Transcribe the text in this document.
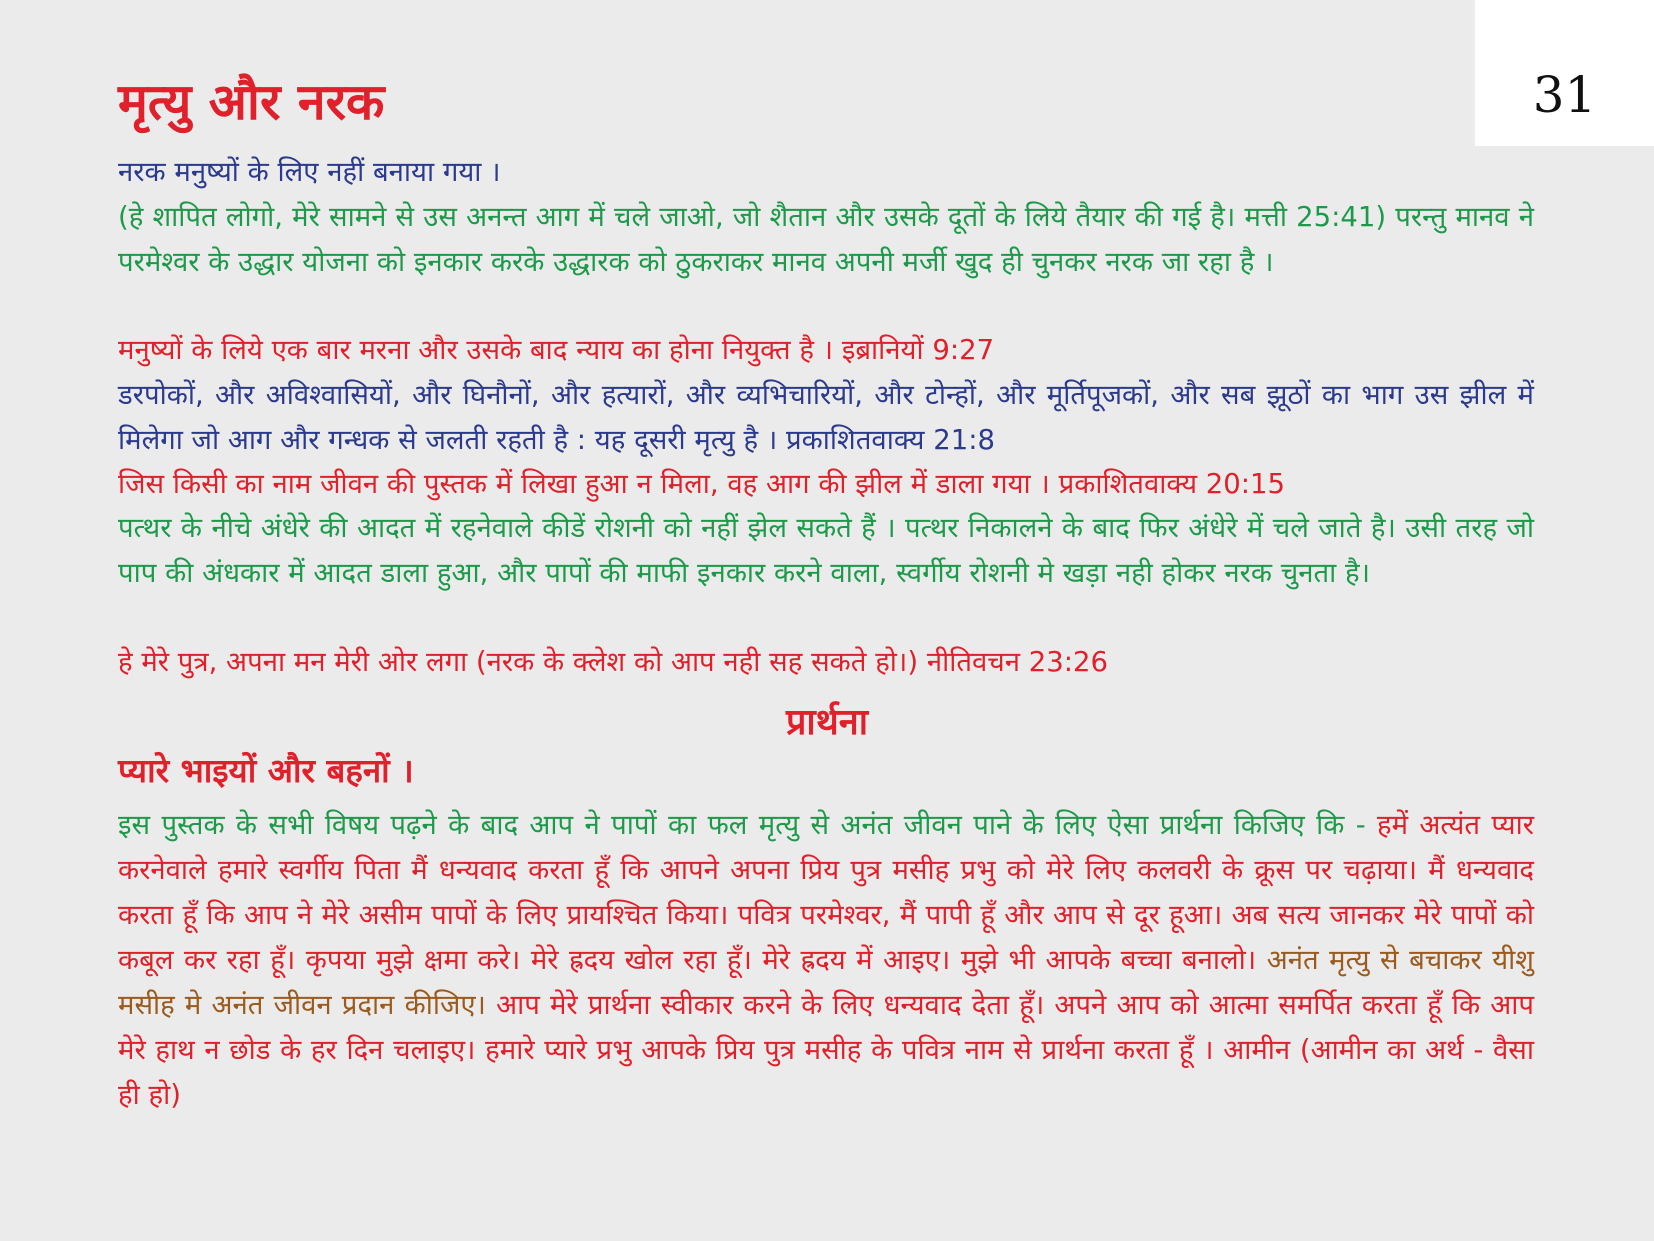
31
मृत्यु और नरक

नरक मनुष्यों के लिए नहीं बनाया गया ।

(हे शापित लोगो, मेरे सामने से उस अनन्त आग में चले जाओ, जो शैतान और उसके दूतों के लिये तैयार की गई है। मत्ती 25:41) परन्तु मानव ने परमेश्वर के उद्धार योजना को इनकार करके उद्धारक को ठुकराकर मानव अपनी मर्जी खुद ही चुनकर नरक जा रहा है ।

मनुष्यों के लिये एक बार मरना और उसके बाद न्याय का होना नियुक्त है । इब्रानियों 9:27

डरपोकों, और अविश्वासियों, और घिनौनों, और हत्यारों, और व्यभिचारियों, और टोन्हों, और मूर्तिपूजकों, और सब झूठों का भाग उस झील में मिलेगा जो आग और गन्धक से जलती रहती है : यह दूसरी मृत्यु है । प्रकाशितवाक्य 21:8

जिस किसी का नाम जीवन की पुस्तक में लिखा हुआ न मिला, वह आग की झील में डाला गया । प्रकाशितवाक्य 20:15

पत्थर के नीचे अंधेरे की आदत में रहनेवाले कीडें रोशनी को नहीं झेल सकते हैं । पत्थर निकालने के बाद फिर अंधेरे में चले जाते है। उसी तरह जो पाप की अंधकार में आदत डाला हुआ, और पापों की माफी इनकार करने वाला, स्वर्गीय रोशनी मे खड़ा नही होकर नरक चुनता है।

हे मेरे पुत्र, अपना मन मेरी ओर लगा (नरक के क्लेश को आप नही सह सकते हो।) नीतिवचन 23:26

प्रार्थना
प्यारे भाइयों और बहनों ।

इस पुस्तक के सभी विषय पढ़ने के बाद आप ने पापों का फल मृत्यु से अनंत जीवन पाने के लिए ऐसा प्रार्थना किजिए कि - हमें अत्यंत प्यार करनेवाले हमारे स्वर्गीय पिता मैं धन्यवाद करता हूँ कि आपने अपना प्रिय पुत्र मसीह प्रभु को मेरे लिए कलवरी के क्रूस पर चढ़ाया। मैं धन्यवाद करता हूँ कि आप ने मेरे असीम पापों के लिए प्रायश्चित किया। पवित्र परमेश्वर, मैं पापी हूँ और आप से दूर हूआ। अब सत्य जानकर मेरे पापों को कबूल कर रहा हूँ। कृपया मुझे क्षमा करे। मेरे ह्रदय खोल रहा हूँ। मेरे ह्रदय में आइए। मुझे भी आपके बच्चा बनालो। अनंत मृत्यु से बचाकर यीशु मसीह मे अनंत जीवन प्रदान कीजिए। आप मेरे प्रार्थना स्वीकार करने के लिए धन्यवाद देता हूँ। अपने आप को आत्मा समर्पित करता हूँ कि आप मेरे हाथ न छोड के हर दिन चलाइए। हमारे प्यारे प्रभु आपके प्रिय पुत्र मसीह के पवित्र नाम से प्रार्थना करता हूँ । आमीन (आमीन का अर्थ - वैसा ही हो)
